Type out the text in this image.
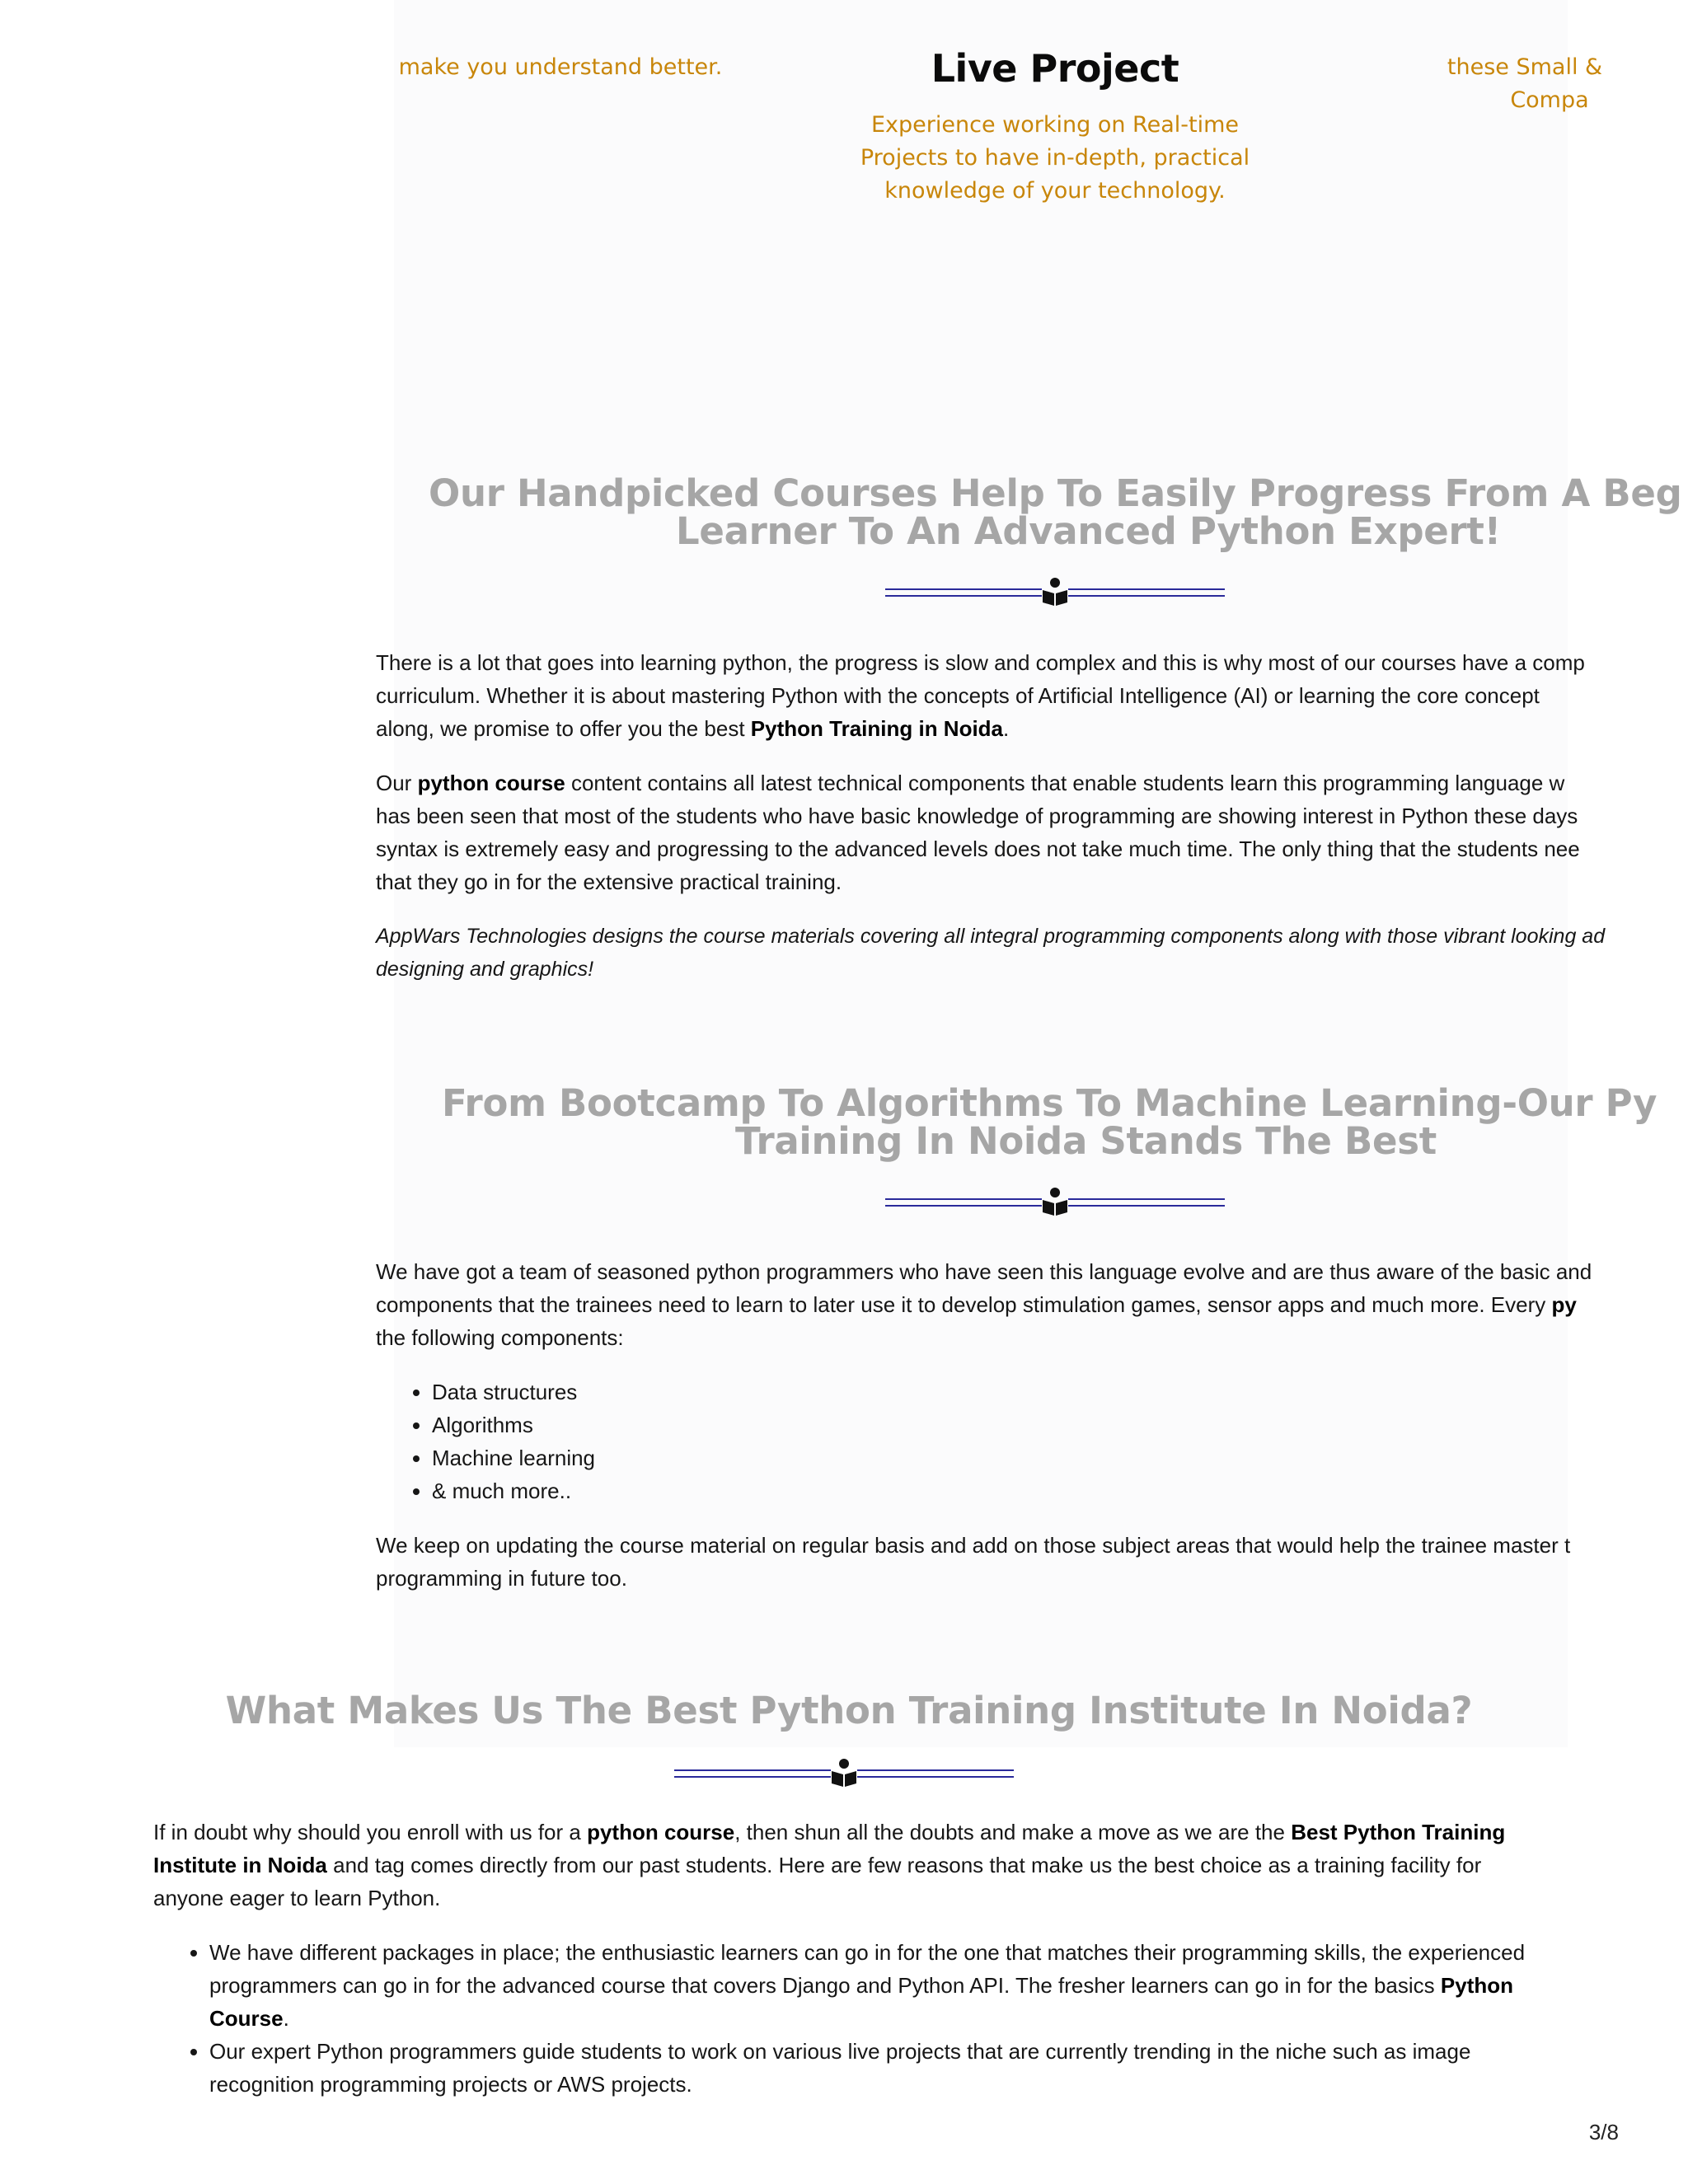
make you understand better.	Live Project

Experience working on Real-time Projects to have in-depth, practical knowledge of your technology.

these Small &
Compa

Our Handpicked Courses Help To Easily Progress From A Beg
Learner To An Advanced Python Expert!

There is a lot that goes into learning python, the progress is slow and complex and this is why most of our courses have a comp
curriculum. Whether it is about mastering Python with the concepts of Artificial Intelligence (AI) or learning the core concept
along, we promise to offer you the best Python Training in Noida.

Our python course content contains all latest technical components that enable students learn this programming language w
has been seen that most of the students who have basic knowledge of programming are showing interest in Python these days
syntax is extremely easy and progressing to the advanced levels does not take much time. The only thing that the students nee
that they go in for the extensive practical training.

AppWars Technologies designs the course materials covering all integral programming components along with those vibrant looking ad
designing and graphics!

From Bootcamp To Algorithms To Machine Learning-Our Py
Training In Noida Stands The Best

We have got a team of seasoned python programmers who have seen this language evolve and are thus aware of the basic and
components that the trainees need to learn to later use it to develop stimulation games, sensor apps and much more. Every py
the following components:

• Data structures
• Algorithms
• Machine learning
• & much more..

We keep on updating the course material on regular basis and add on those subject areas that would help the trainee master t
programming in future too.

What Makes Us The Best Python Training Institute In Noida?

If in doubt why should you enroll with us for a python course, then shun all the doubts and make a move as we are the Best Python Training Institute in Noida and tag comes directly from our past students. Here are few reasons that make us the best choice as a training facility for anyone eager to learn Python.

• We have different packages in place; the enthusiastic learners can go in for the one that matches their programming skills, the experienced programmers can go in for the advanced course that covers Django and Python API. The fresher learners can go in for the basics Python Course.
• Our expert Python programmers guide students to work on various live projects that are currently trending in the niche such as image recognition programming projects or AWS projects.
3/8
